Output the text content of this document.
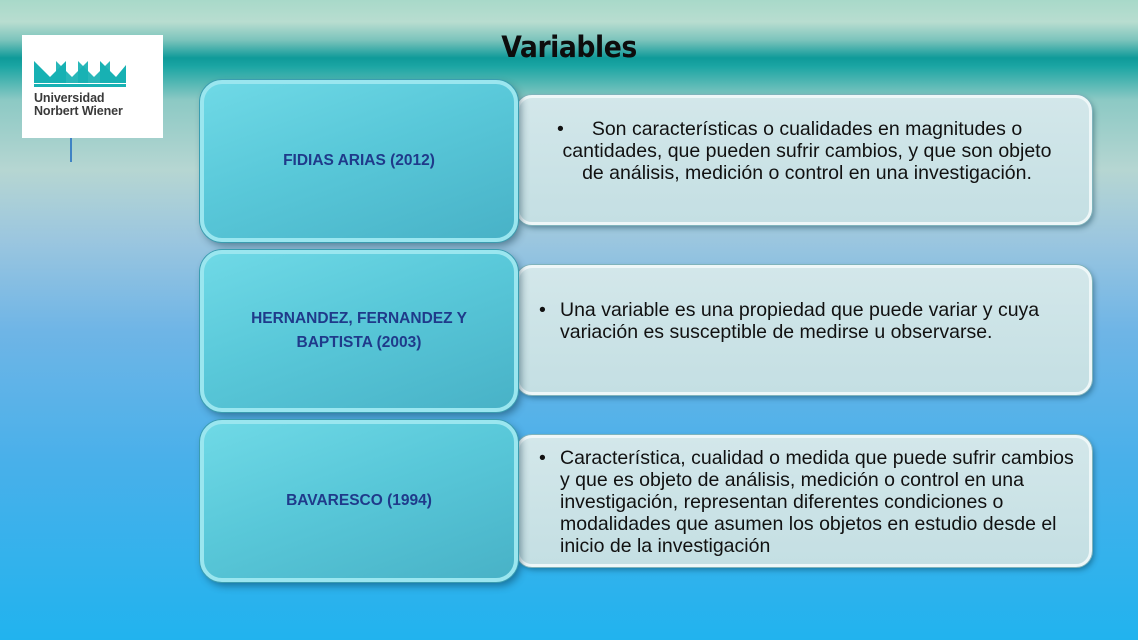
Universidad
Norbert Wiener
Variables
•	Son características o cualidades en magnitudes o cantidades, que pueden sufrir cambios, y que son objeto de análisis, medición o control en una investigación.
FIDIAS ARIAS (2012)
• Una variable es una propiedad que puede variar y cuya variación es susceptible de medirse u observarse.
HERNANDEZ, FERNANDEZ Y BAPTISTA (2003)
• Característica, cualidad o medida que puede sufrir cambios y que es objeto de análisis, medición o control en una investigación, representan diferentes condiciones o modalidades que asumen los objetos en estudio desde el inicio de la investigación
BAVARESCO (1994)
